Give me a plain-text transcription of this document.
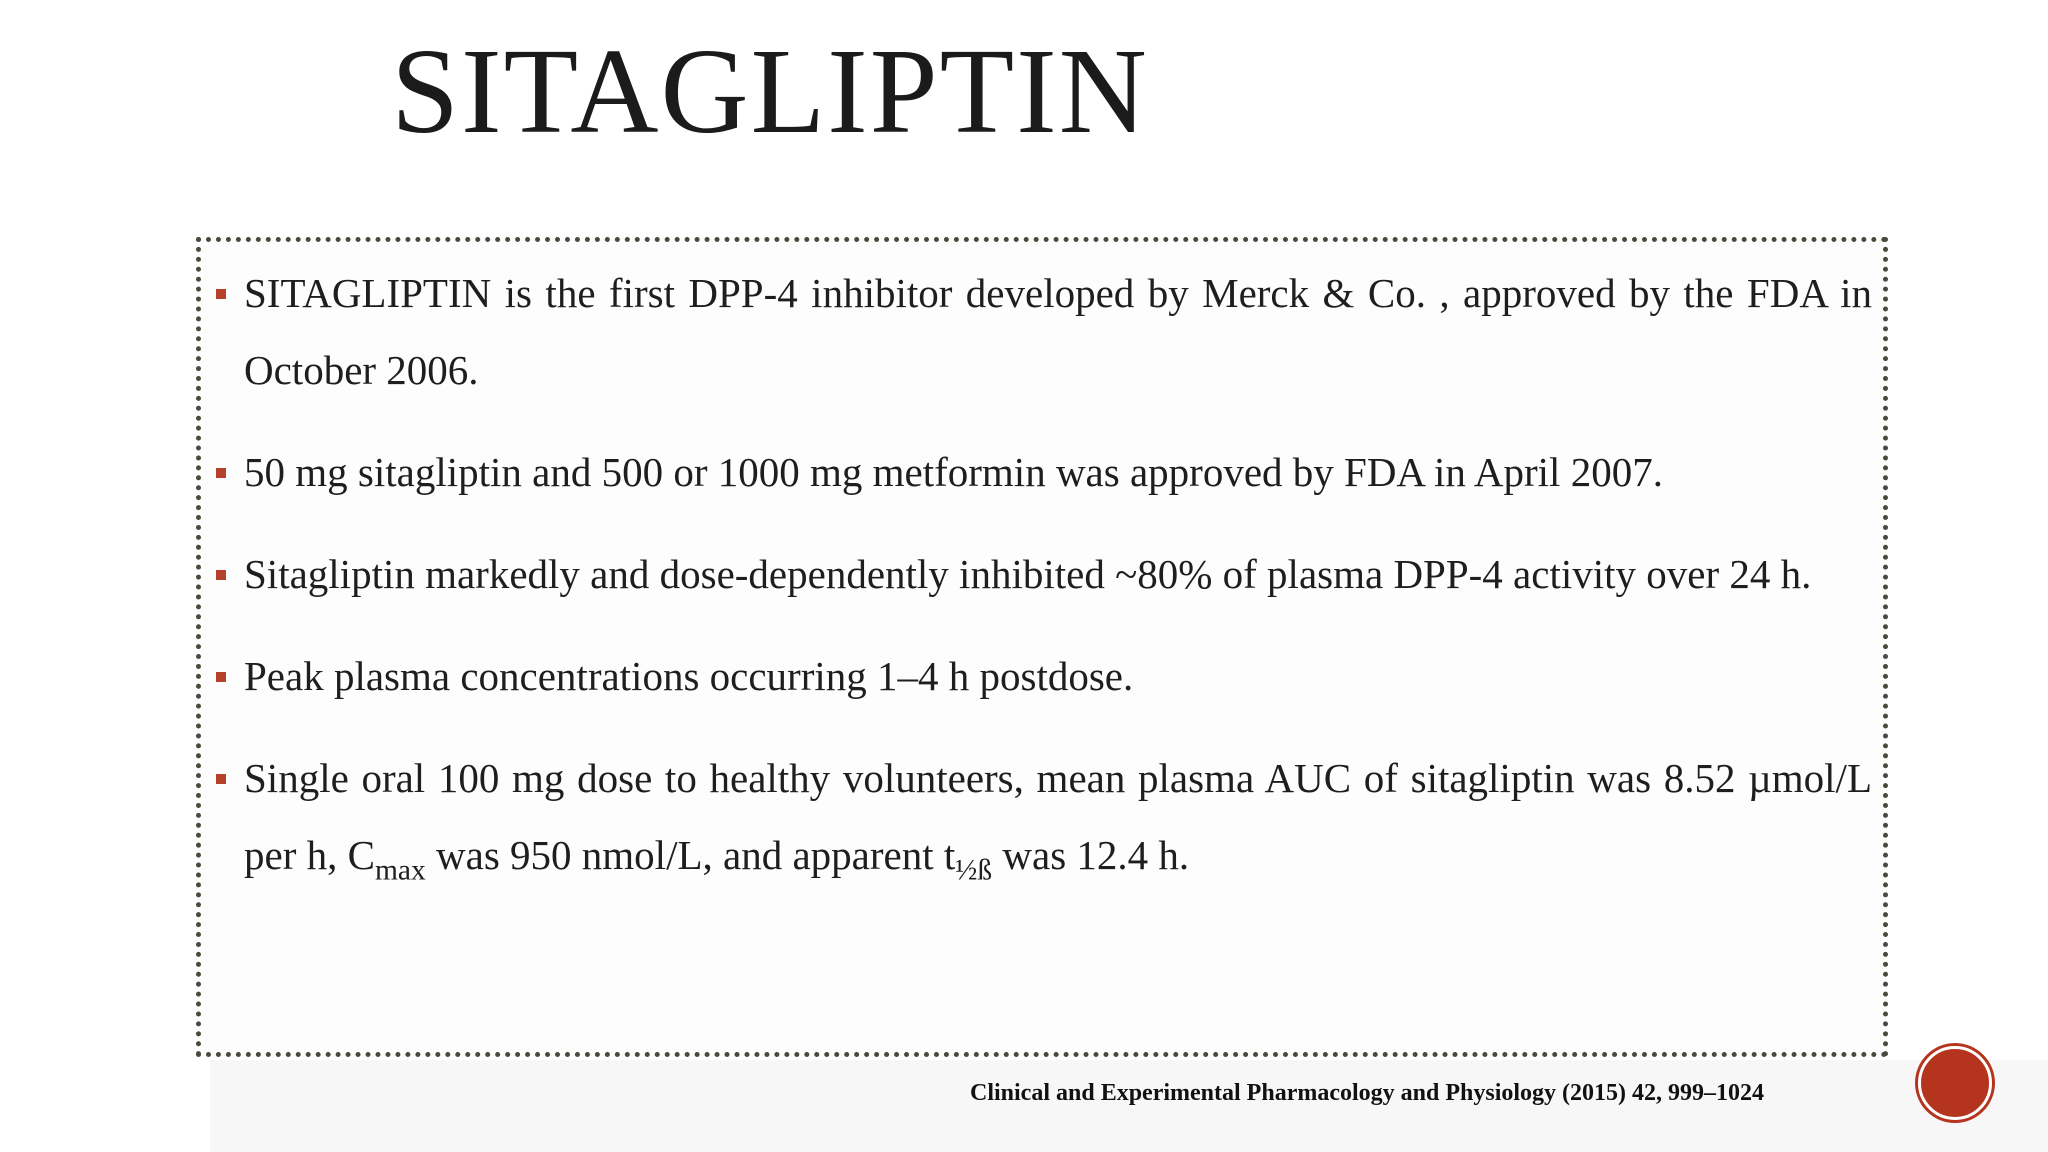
SITAGLIPTIN
SITAGLIPTIN is the first DPP-4 inhibitor developed by Merck & Co. , approved by the FDA in October 2006.
50 mg sitagliptin and 500 or 1000 mg metformin was approved by FDA in April 2007.
Sitagliptin markedly and dose-dependently inhibited ~80% of plasma DPP-4 activity over 24 h.
Peak plasma concentrations occurring 1–4 h postdose.
Single oral 100 mg dose to healthy volunteers, mean plasma AUC of sitagliptin was 8.52 µmol/L per h, $C_{max}$ was 950 nmol/L, and apparent $t_{\frac{1}{2}ß}$ was 12.4 h.
Clinical and Experimental Pharmacology and Physiology (2015) 42, 999–1024
